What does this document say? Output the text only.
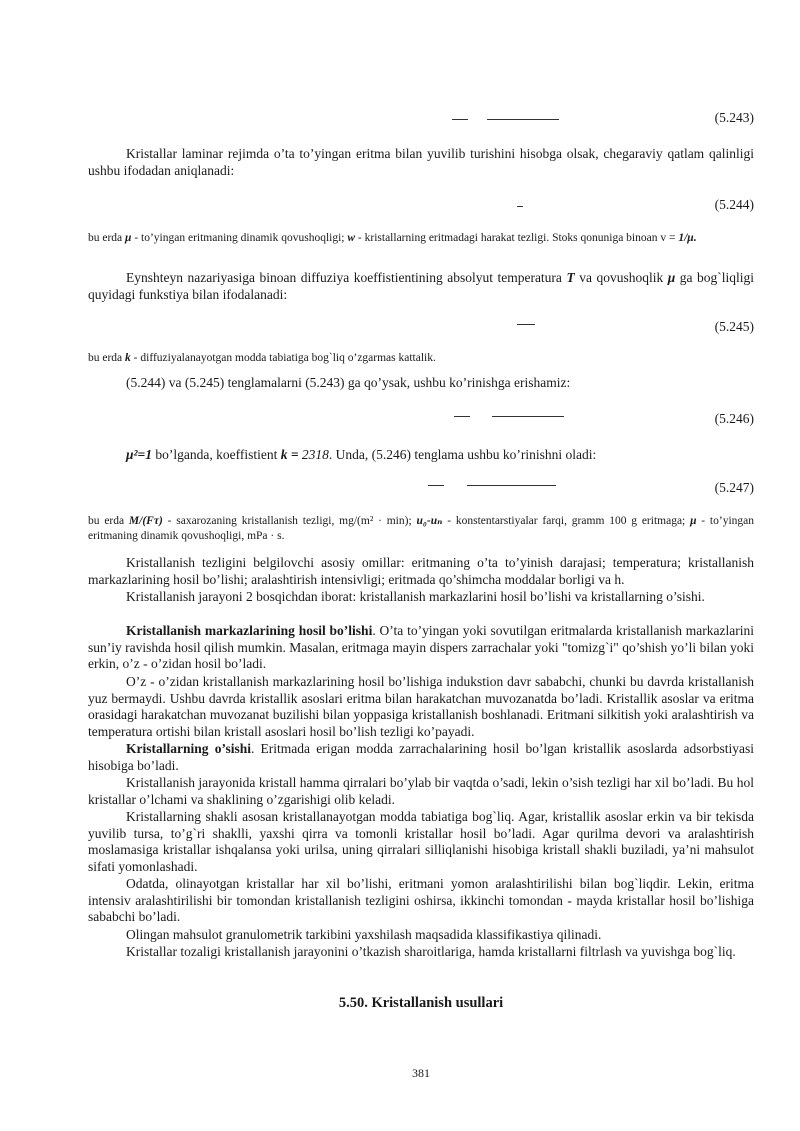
(5.243)

Kristallar laminar rejimda o’ta to’yingan eritma bilan yuvilib turishini hisobga olsak, chegaraviy qatlam qalinligi ushbu ifodadan aniqlanadi:

(5.244)

bu erda μ - to’yingan eritmaning dinamik qovushoqligi; w - kristallarning eritmadagi harakat tezligi. Stoks qonuniga binoan v = 1/μ.

Eynshteyn nazariyasiga binoan diffuziya koeffistientining absolyut temperatura T va qovushoqlik μ ga bog`liqligi quyidagi funkstiya bilan ifodalanadi:

(5.245)

bu erda k - diffuziyalanayotgan modda tabiatiga bog`liq o’zgarmas kattalik.

(5.244) va (5.245) tenglamalarni (5.243) ga qo’ysak, ushbu ko’rinishga erishamiz:

(5.246)

μ²=1 bo’lganda, koeffistient k = 2318. Unda, (5.246) tenglama ushbu ko’rinishni oladi:

(5.247)

bu erda M/(Fτ) - saxarozaning kristallanish tezligi, mg/(m² · min); u₀-uₙ - konstentarstiyalar farqi, gramm 100 g eritmaga; μ - to’yingan eritmaning dinamik qovushoqligi, mPa · s.

Kristallanish tezligini belgilovchi asosiy omillar: eritmaning o’ta to’yinish darajasi; temperatura; kristallanish markazlarining hosil bo’lishi; aralashtirish intensivligi; eritmada qo’shimcha moddalar borligi va h.

Kristallanish jarayoni 2 bosqichdan iborat: kristallanish markazlarini hosil bo’lishi va kristallarning o’sishi.

Kristallanish markazlarining hosil bo’lishi. O’ta to’yingan yoki sovutilgan eritmalarda kristallanish markazlarini sun’iy ravishda hosil qilish mumkin. Masalan, eritmaga mayin dispers zarrachalar yoki "tomizg`i" qo’shish yo’li bilan yoki erkin, o’z - o’zidan hosil bo’ladi.

O’z - o’zidan kristallanish markazlarining hosil bo’lishiga indukstion davr sababchi, chunki bu davrda kristallanish yuz bermaydi. Ushbu davrda kristallik asoslari eritma bilan harakatchan muvozanatda bo’ladi. Kristallik asoslar va eritma orasidagi harakatchan muvozanat buzilishi bilan yoppasiga kristallanish boshlanadi. Eritmani silkitish yoki aralashtirish va temperatura ortishi bilan kristall asoslari hosil bo’lish tezligi ko’payadi.

Kristallarning o’sishi. Eritmada erigan modda zarrachalarining hosil bo’lgan kristallik asoslarda adsorbstiyasi hisobiga bo’ladi.

Kristallanish jarayonida kristall hamma qirralari bo’ylab bir vaqtda o’sadi, lekin o’sish tezligi har xil bo’ladi. Bu hol kristallar o’lchami va shaklining o’zgarishigi olib keladi.

Kristallarning shakli asosan kristallanayotgan modda tabiatiga bog`liq. Agar, kristallik asoslar erkin va bir tekisda yuvilib tursa, to’g`ri shaklli, yaxshi qirra va tomonli kristallar hosil bo’ladi. Agar qurilma devori va aralashtirish moslamasiga kristallar ishqalansa yoki urilsa, uning qirralari silliqlanishi hisobiga kristall shakli buziladi, ya’ni mahsulot sifati yomonlashadi.

Odatda, olinayotgan kristallar har xil bo’lishi, eritmani yomon aralashtirilishi bilan bog`liqdir. Lekin, eritma intensiv aralashtirilishi bir tomondan kristallanish tezligini oshirsa, ikkinchi tomondan - mayda kristallar hosil bo’lishiga sababchi bo’ladi.

Olingan mahsulot granulometrik tarkibini yaxshilash maqsadida klassifikastiya qilinadi.

Kristallar tozaligi kristallanish jarayonini o’tkazish sharoitlariga, hamda kristallarni filtrlash va yuvishga bog`liq.

5.50. Kristallanish usullari
381
